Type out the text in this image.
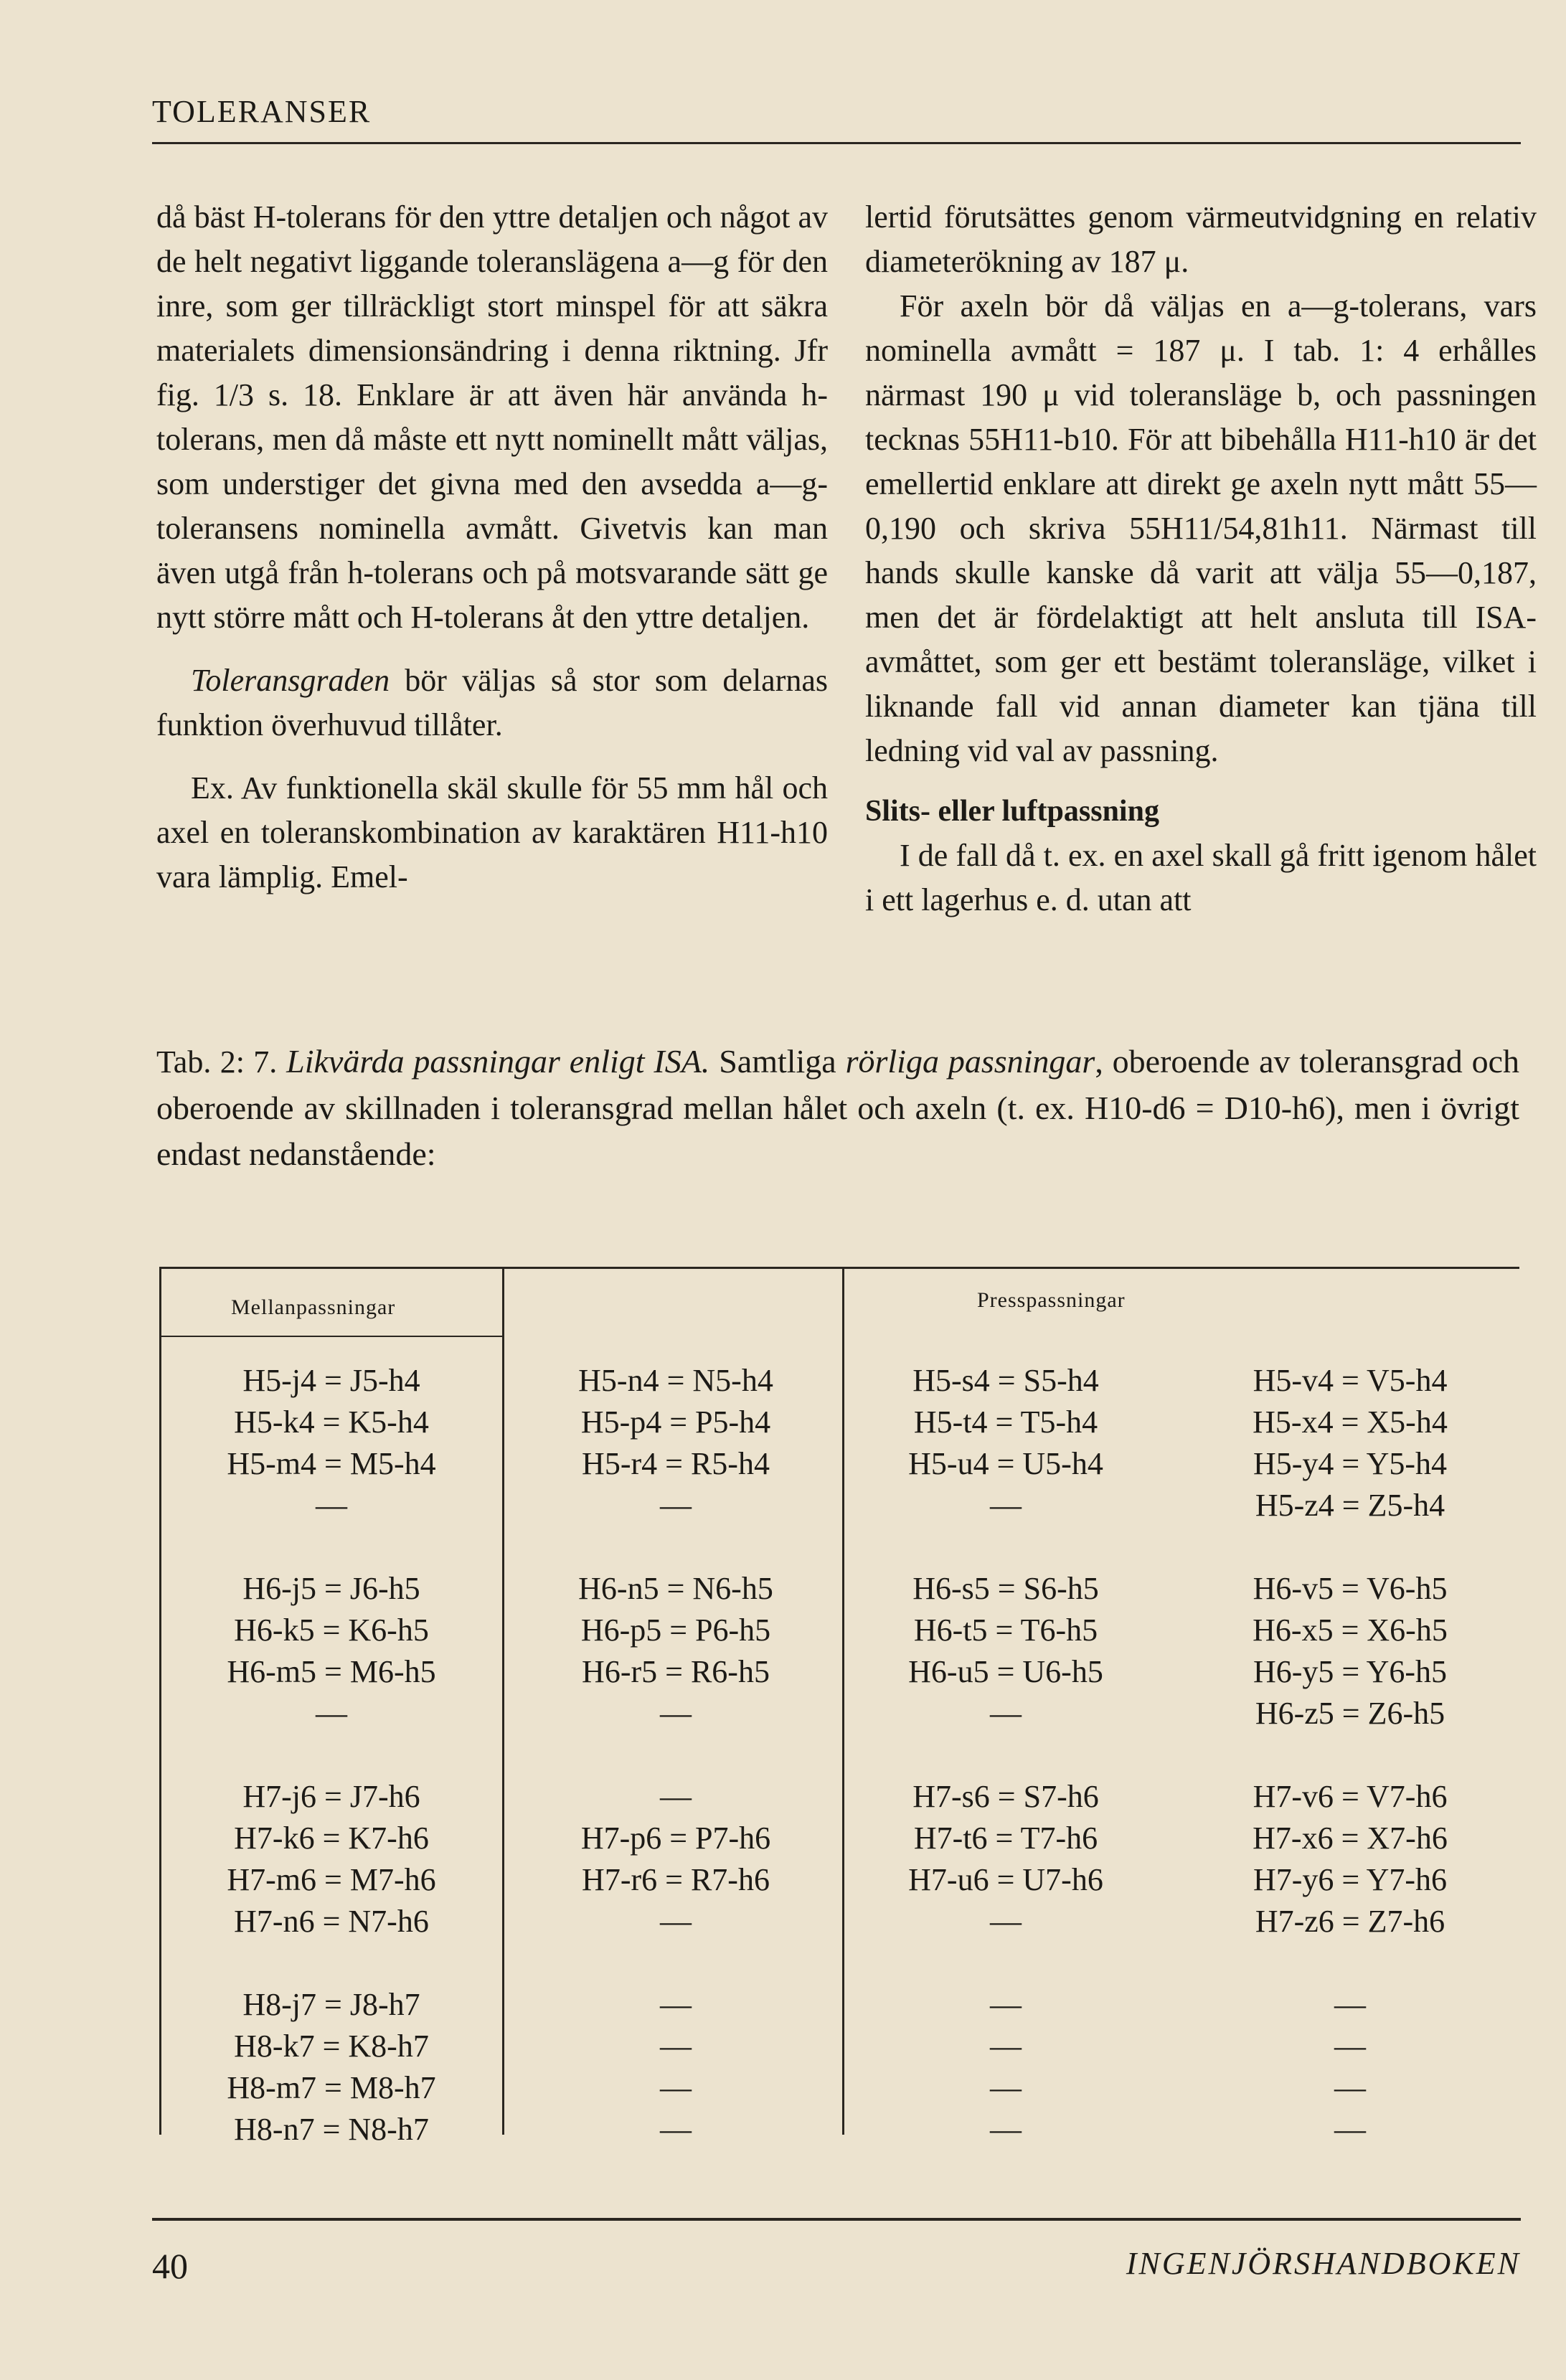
TOLERANSER

då bäst H-tolerans för den yttre detaljen och något av de helt negativt liggande toleranslägena a—g för den inre, som ger tillräckligt stort minspel för att säkra materialets dimensionsändring i denna riktning. Jfr fig. 1/3 s. 18. Enklare är att även här använda h-tolerans, men då måste ett nytt nominellt mått väljas, som understiger det givna med den avsedda a—g-toleransens nominella avmått. Givetvis kan man även utgå från h-tolerans och på motsvarande sätt ge nytt större mått och H-tolerans åt den yttre detaljen.

Toleransgraden bör väljas så stor som delarnas funktion överhuvud tillåter.

Ex. Av funktionella skäl skulle för 55 mm hål och axel en toleranskombination av karaktären H11-h10 vara lämplig. Emel-

lertid förutsättes genom värmeutvidgning en relativ diameterökning av 187 μ.

För axeln bör då väljas en a—g-tolerans, vars nominella avmått = 187 μ. I tab. 1: 4 erhålles närmast 190 μ vid toleransläge b, och passningen tecknas 55H11-b10. För att bibehålla H11-h10 är det emellertid enklare att direkt ge axeln nytt mått 55—0,190 och skriva 55H11/54,81h11. Närmast till hands skulle kanske då varit att välja 55—0,187, men det är fördelaktigt att helt ansluta till ISA-avmåttet, som ger ett bestämt toleransläge, vilket i liknande fall vid annan diameter kan tjäna till ledning vid val av passning.

Slits- eller luftpassning

I de fall då t. ex. en axel skall gå fritt igenom hålet i ett lagerhus e. d. utan att

Tab. 2: 7. Likvärda passningar enligt ISA. Samtliga rörliga passningar, oberoende av toleransgrad och oberoende av skillnaden i toleransgrad mellan hålet och axeln (t. ex. H10-d6 = D10-h6), men i övrigt endast nedanstående:

Mellanpassningar	Presspassningar
H5-j4 = J5-h4
H5-k4 = K5-h4
H5-m4 = M5-h4
—
H5-n4 = N5-h4
H5-p4 = P5-h4
H5-r4 = R5-h4
—
H5-s4 = S5-h4
H5-t4 = T5-h4
H5-u4 = U5-h4
—
H5-v4 = V5-h4
H5-x4 = X5-h4
H5-y4 = Y5-h4
H5-z4 = Z5-h4
H6-j5 = J6-h5
H6-k5 = K6-h5
H6-m5 = M6-h5
—
H6-n5 = N6-h5
H6-p5 = P6-h5
H6-r5 = R6-h5
—
H6-s5 = S6-h5
H6-t5 = T6-h5
H6-u5 = U6-h5
—
H6-v5 = V6-h5
H6-x5 = X6-h5
H6-y5 = Y6-h5
H6-z5 = Z6-h5
H7-j6 = J7-h6
H7-k6 = K7-h6
H7-m6 = M7-h6
H7-n6 = N7-h6
—
H7-p6 = P7-h6
H7-r6 = R7-h6
—
H7-s6 = S7-h6
H7-t6 = T7-h6
H7-u6 = U7-h6
—
H7-v6 = V7-h6
H7-x6 = X7-h6
H7-y6 = Y7-h6
H7-z6 = Z7-h6
H8-j7 = J8-h7
H8-k7 = K8-h7
H8-m7 = M8-h7
H8-n7 = N8-h7
—
—
—
—
—
—
—
—
—
—
—
—
40	INGENJÖRSHANDBOKEN
